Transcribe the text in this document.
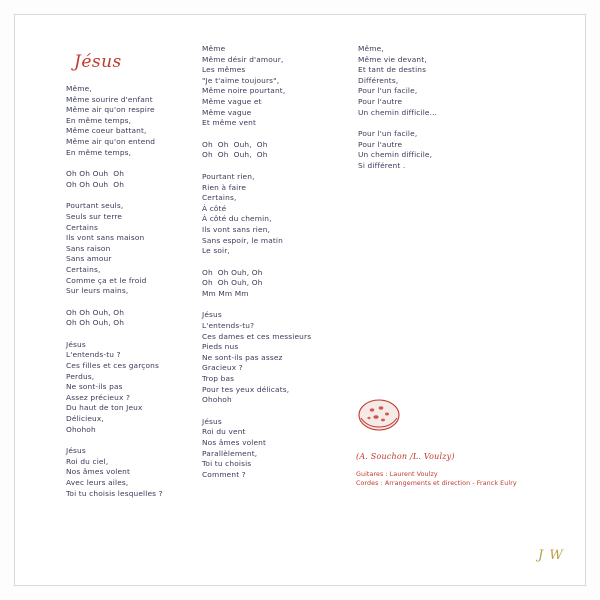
Jésus
Même,
Même sourire d'enfant
Même air qu'on respire
En même temps,
Même coeur battant,
Même air qu'on entend
En même temps,
Oh Oh Ouh  Oh
Oh Oh Ouh  Oh
Pourtant seuls,
Seuls sur terre
Certains
Ils vont sans maison
Sans raison
Sans amour
Certains,
Comme ça et le froid
Sur leurs mains,
Oh Oh Ouh, Oh
Oh Oh Ouh, Oh
Jésus
L'entends-tu ?
Ces filles et ces garçons
Perdus,
Ne sont-ils pas
Assez précieux ?
Du haut de ton Jeux
Délicieux,
Ohohoh
Jésus
Roi du ciel,
Nos âmes volent
Avec leurs ailes,
Toi tu choisis lesquelles ?
Même
Même désir d'amour,
Les mêmes
"Je t'aime toujours",
Même noire pourtant,
Même vague et
Même vague
Et même vent
Oh  Oh  Ouh,  Oh
Oh  Oh  Ouh,  Oh
Pourtant rien,
Rien à faire
Certains,
À côté
À côté du chemin,
Ils vont sans rien,
Sans espoir, le matin
Le soir,
Oh  Oh Ouh, Oh
Oh  Oh Ouh, Oh
Mm Mm Mm
Jésus
L'entends-tu?
Ces dames et ces messieurs
Pieds nus
Ne sont-ils pas assez
Gracieux ?
Trop bas
Pour tes yeux délicats,
Ohohoh
Jésus
Roi du vent
Nos âmes volent
Parallèlement,
Toi tu choisis
Comment ?
Même,
Même vie devant,
Et tant de destins
Différents,
Pour l'un facile,
Pour l'autre
Un chemin difficile...
Pour l'un facile,
Pour l'autre
Un chemin difficile,
Si différent .
(A. Souchon /L. Voulzy)
Guitares : Laurent Voulzy
Cordes : Arrangements et direction - Franck Eulry
J W
